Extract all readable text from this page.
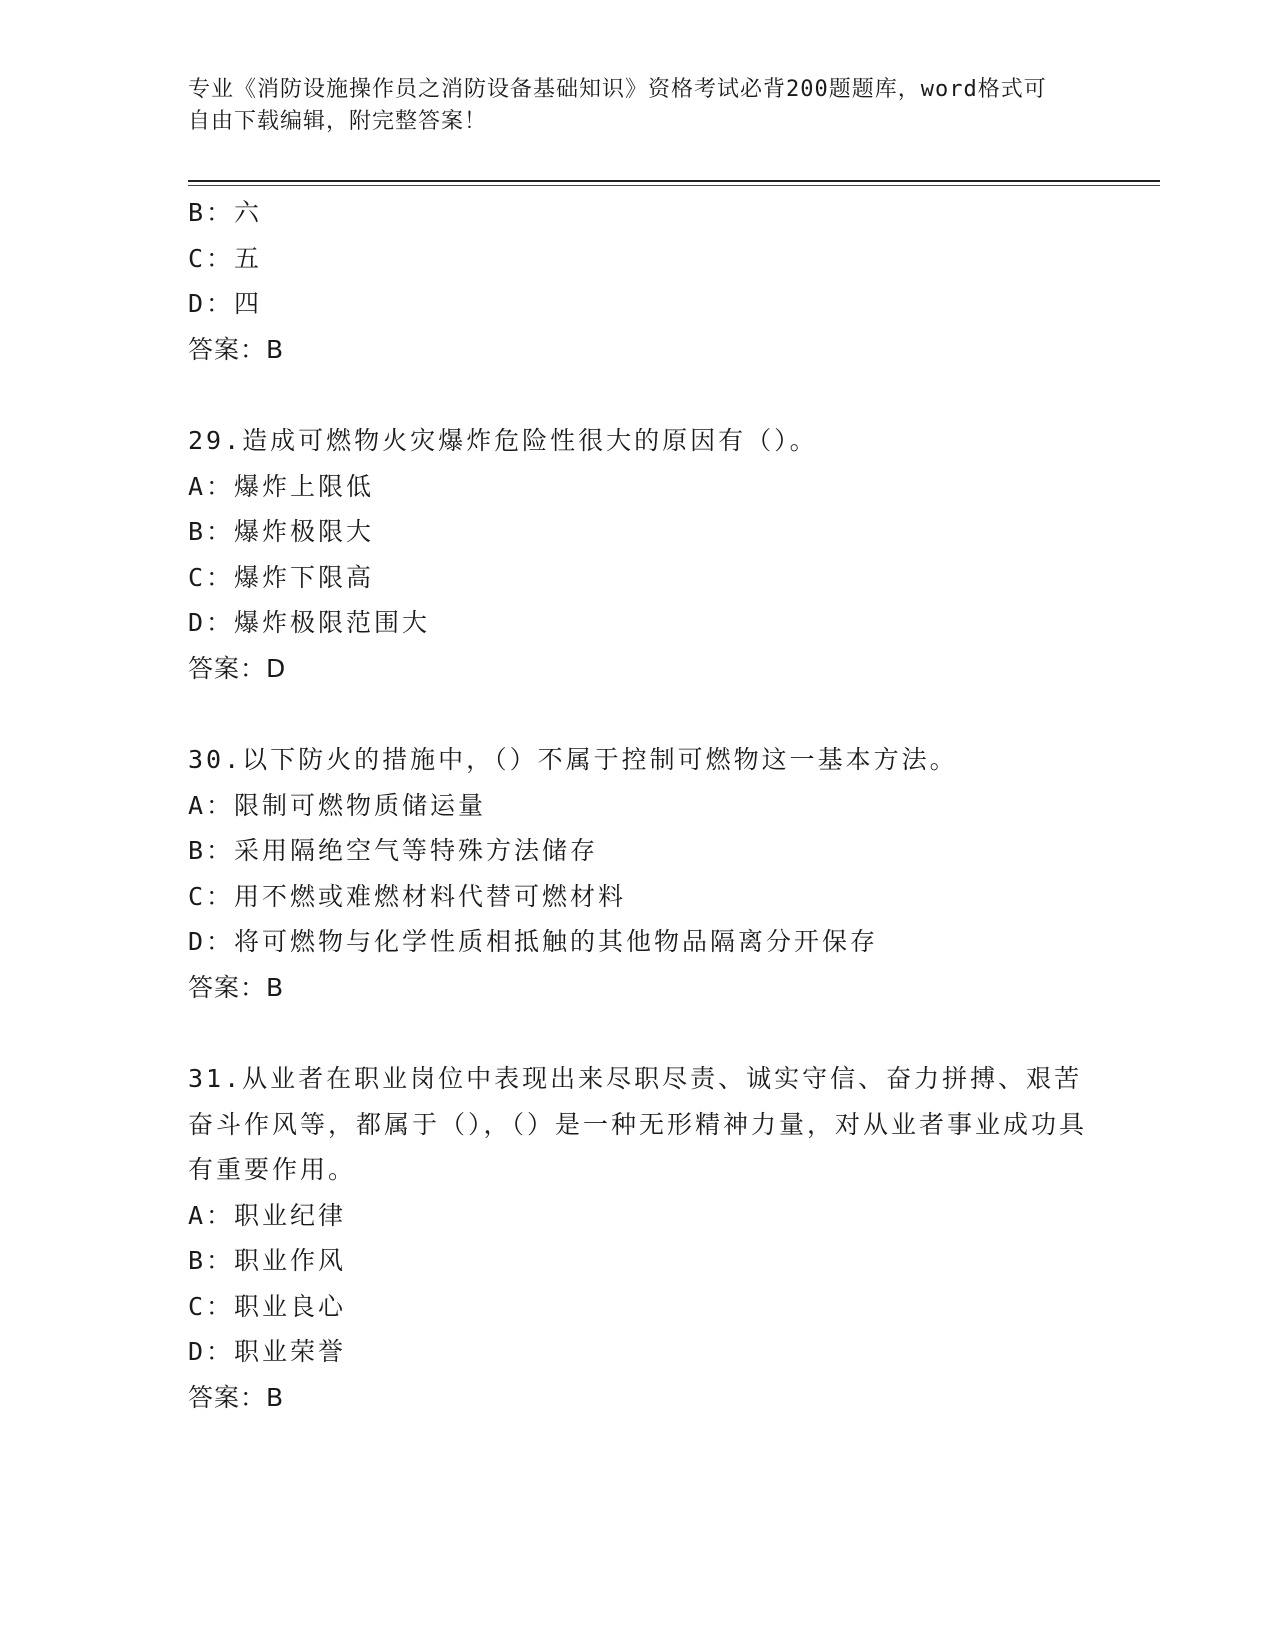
专业《消防设施操作员之消防设备基础知识》资格考试必背200题题库，word格式可自由下载编辑，附完整答案！
B：六
C：五
D：四
答案：B
29.造成可燃物火灾爆炸危险性很大的原因有（）。
A：爆炸上限低
B：爆炸极限大
C：爆炸下限高
D：爆炸极限范围大
答案：D
30.以下防火的措施中，（）不属于控制可燃物这一基本方法。
A：限制可燃物质储运量
B：采用隔绝空气等特殊方法储存
C：用不燃或难燃材料代替可燃材料
D：将可燃物与化学性质相抵触的其他物品隔离分开保存
答案：B
31.从业者在职业岗位中表现出来尽职尽责、诚实守信、奋力拼搏、艰苦奋斗作风等，都属于（），（）是一种无形精神力量，对从业者事业成功具有重要作用。
A：职业纪律
B：职业作风
C：职业良心
D：职业荣誉
答案：B
